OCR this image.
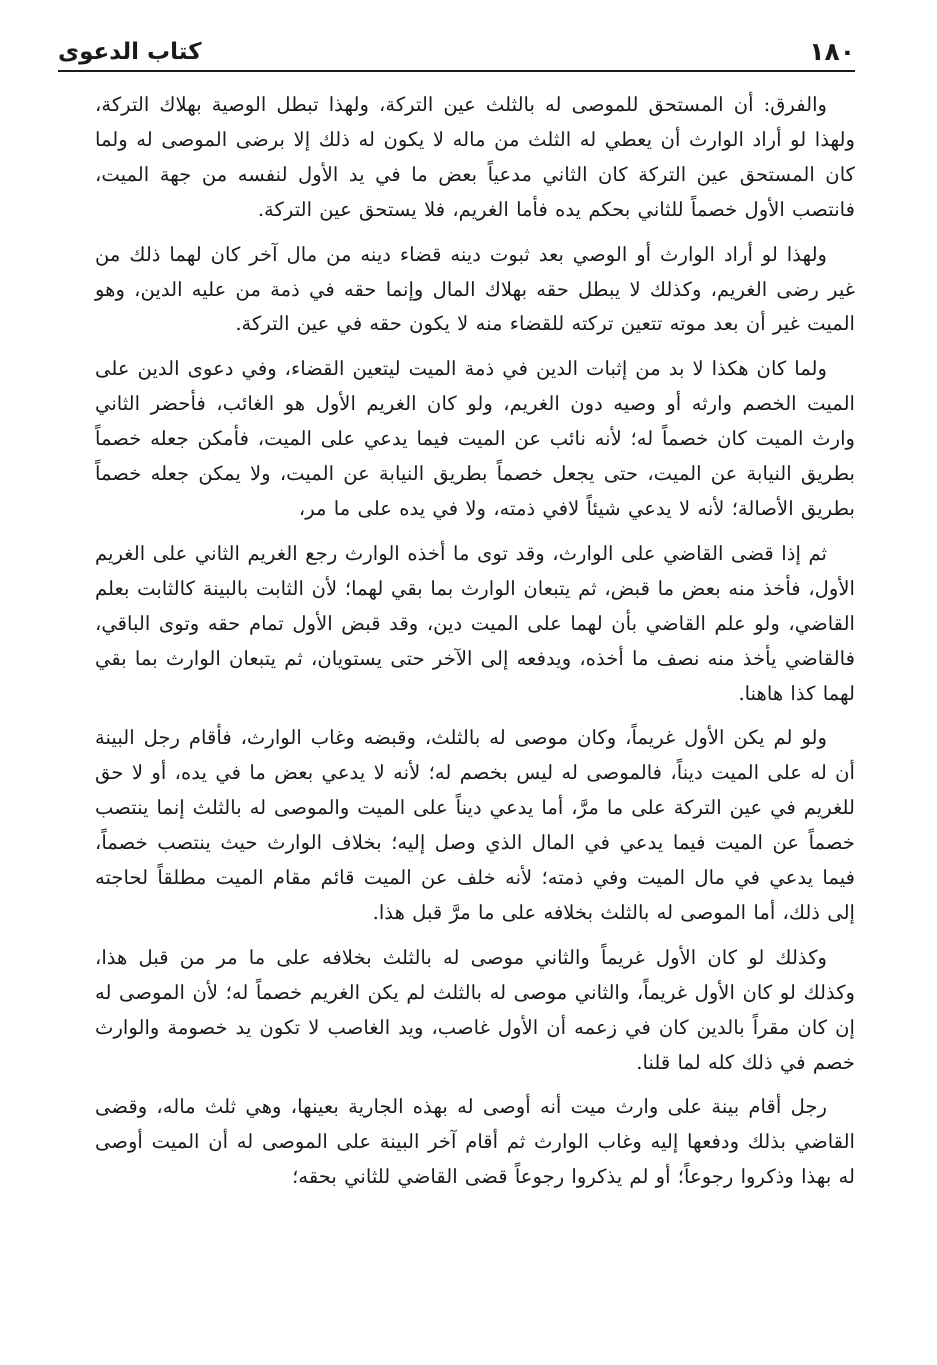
١٨٠
كتاب الدعوى

والفرق: أن المستحق للموصى له بالثلث عين التركة، ولهذا تبطل الوصية بهلاك التركة، ولهذا لو أراد الوارث أن يعطي له الثلث من ماله لا يكون له ذلك إلا برضى الموصى له ولما كان المستحق عين التركة كان الثاني مدعياً بعض ما في يد الأول لنفسه من جهة الميت، فانتصب الأول خصماً للثاني بحكم يده فأما الغريم، فلا يستحق عين التركة.

ولهذا لو أراد الوارث أو الوصي بعد ثبوت دينه قضاء دينه من مال آخر كان لهما ذلك من غير رضى الغريم، وكذلك لا يبطل حقه بهلاك المال وإنما حقه في ذمة من عليه الدين، وهو الميت غير أن بعد موته تتعين تركته للقضاء منه لا يكون حقه في عين التركة.

ولما كان هكذا لا بد من إثبات الدين في ذمة الميت ليتعين القضاء، وفي دعوى الدين على الميت الخصم وارثه أو وصيه دون الغريم، ولو كان الغريم الأول هو الغائب، فأحضر الثاني وارث الميت كان خصماً له؛ لأنه نائب عن الميت فيما يدعي على الميت، فأمكن جعله خصماً بطريق النيابة عن الميت، حتى يجعل خصماً بطريق النيابة عن الميت، ولا يمكن جعله خصماً بطريق الأصالة؛ لأنه لا يدعي شيئاً لافي ذمته، ولا في يده على ما مر،

ثم إذا قضى القاضي على الوارث، وقد توى ما أخذه الوارث رجع الغريم الثاني على الغريم الأول، فأخذ منه بعض ما قبض، ثم يتبعان الوارث بما بقي لهما؛ لأن الثابت بالبينة كالثابت بعلم القاضي، ولو علم القاضي بأن لهما على الميت دين، وقد قبض الأول تمام حقه وتوى الباقي، فالقاضي يأخذ منه نصف ما أخذه، ويدفعه إلى الآخر حتى يستويان، ثم يتبعان الوارث بما بقي لهما كذا هاهنا.

ولو لم يكن الأول غريماً، وكان موصى له بالثلث، وقبضه وغاب الوارث، فأقام رجل البينة أن له على الميت ديناً، فالموصى له ليس بخصم له؛ لأنه لا يدعي بعض ما في يده، أو لا حق للغريم في عين التركة على ما مرَّ، أما يدعي ديناً على الميت والموصى له بالثلث إنما ينتصب خصماً عن الميت فيما يدعي في المال الذي وصل إليه؛ بخلاف الوارث حيث ينتصب خصماً، فيما يدعي في مال الميت وفي ذمته؛ لأنه خلف عن الميت قائم مقام الميت مطلقاً لحاجته إلى ذلك، أما الموصى له بالثلث بخلافه على ما مرَّ قبل هذا.

وكذلك لو كان الأول غريماً والثاني موصى له بالثلث بخلافه على ما مر من قبل هذا، وكذلك لو كان الأول غريماً، والثاني موصى له بالثلث لم يكن الغريم خصماً له؛ لأن الموصى له إن كان مقراً بالدين كان في زعمه أن الأول غاصب، ويد الغاصب لا تكون يد خصومة والوارث خصم في ذلك كله لما قلنا.

رجل أقام بينة على وارث ميت أنه أوصى له بهذه الجارية بعينها، وهي ثلث ماله، وقضى القاضي بذلك ودفعها إليه وغاب الوارث ثم أقام آخر البينة على الموصى له أن الميت أوصى له بهذا وذكروا رجوعاً؛ أو لم يذكروا رجوعاً قضى القاضي للثاني بحقه؛
